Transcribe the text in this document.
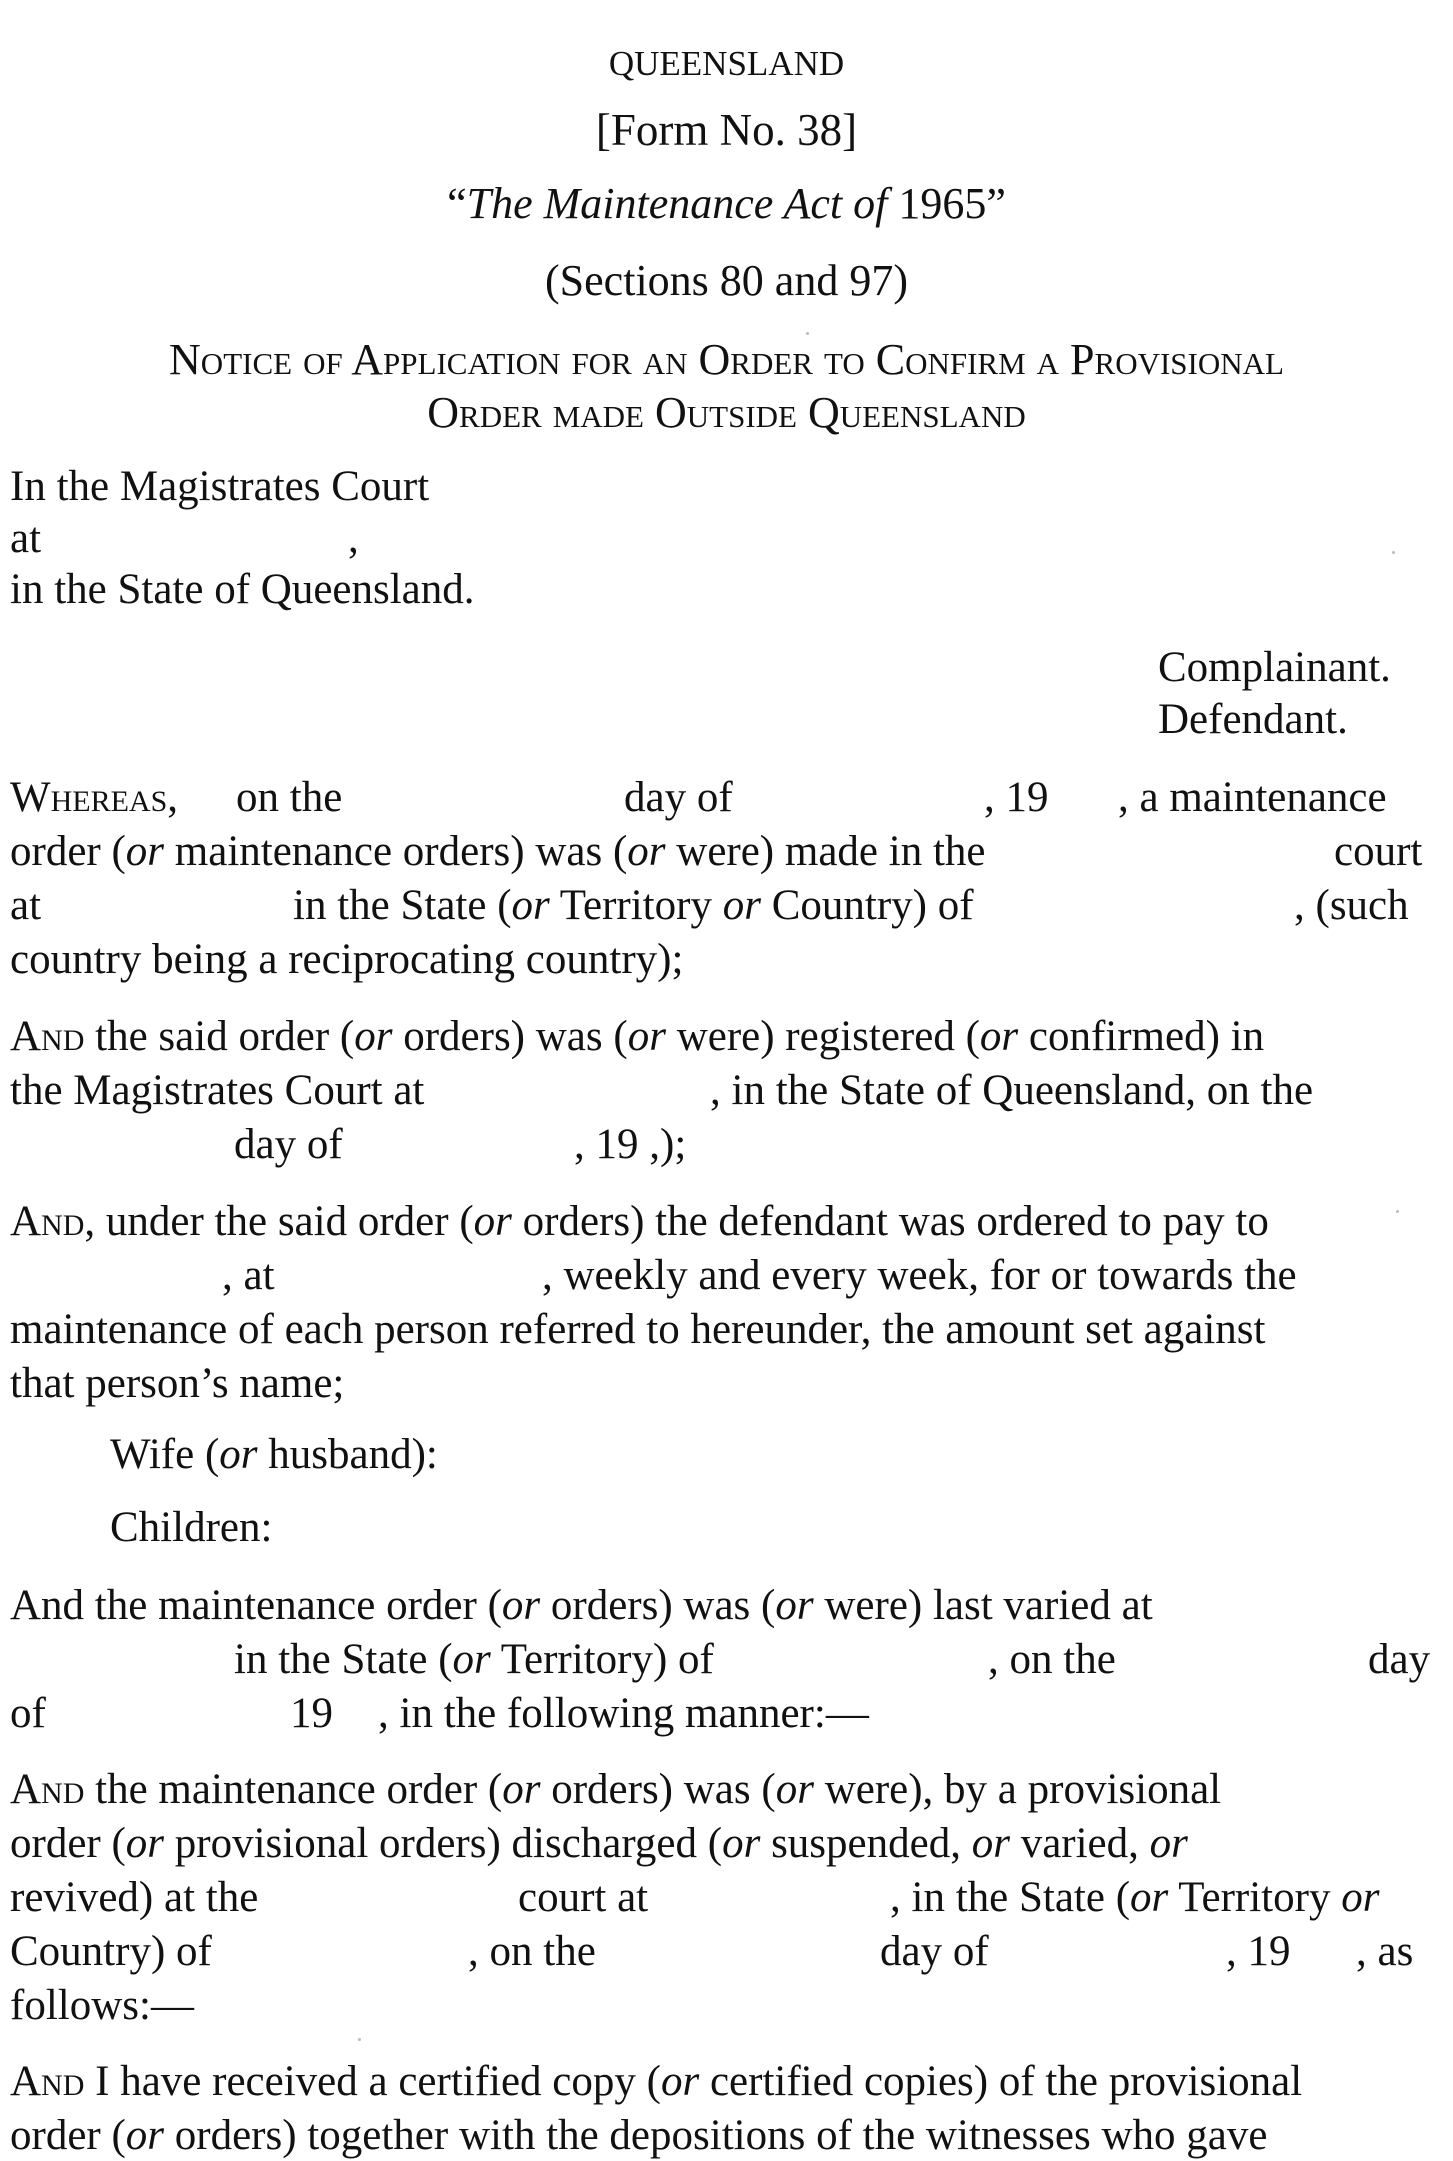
QUEENSLAND
[Form No. 38]
“The Maintenance Act of 1965”
(Sections 80 and 97)
Notice of Application for an Order to Confirm a Provisional
Order made Outside Queensland
In the Magistrates Court
at	,
in the State of Queensland.
Complainant.
Defendant.
Whereas, on the	day of	, 19 , a maintenance
order (or maintenance orders) was (or were) made in the	court
at	in the State (or Territory or Country) of	, (such
country being a reciprocating country);
And the said order (or orders) was (or were) registered (or confirmed) in
the Magistrates Court at	, in the State of Queensland, on the
day of	, 19 ,);
And, under the said order (or orders) the defendant was ordered to pay to
, at	, weekly and every week, for or towards the
maintenance of each person referred to hereunder, the amount set against
that person’s name;
Wife (or husband):
Children:
And the maintenance order (or orders) was (or were) last varied at
in the State (or Territory) of	, on the	day
of	19 , in the following manner:—
And the maintenance order (or orders) was (or were), by a provisional
order (or provisional orders) discharged (or suspended, or varied, or
revived) at the	court at	, in the State (or Territory or
Country) of	, on the	day of	, 19 , as
follows:—
And I have received a certified copy (or certified copies) of the provisional
order (or orders) together with the depositions of the witnesses who gave
